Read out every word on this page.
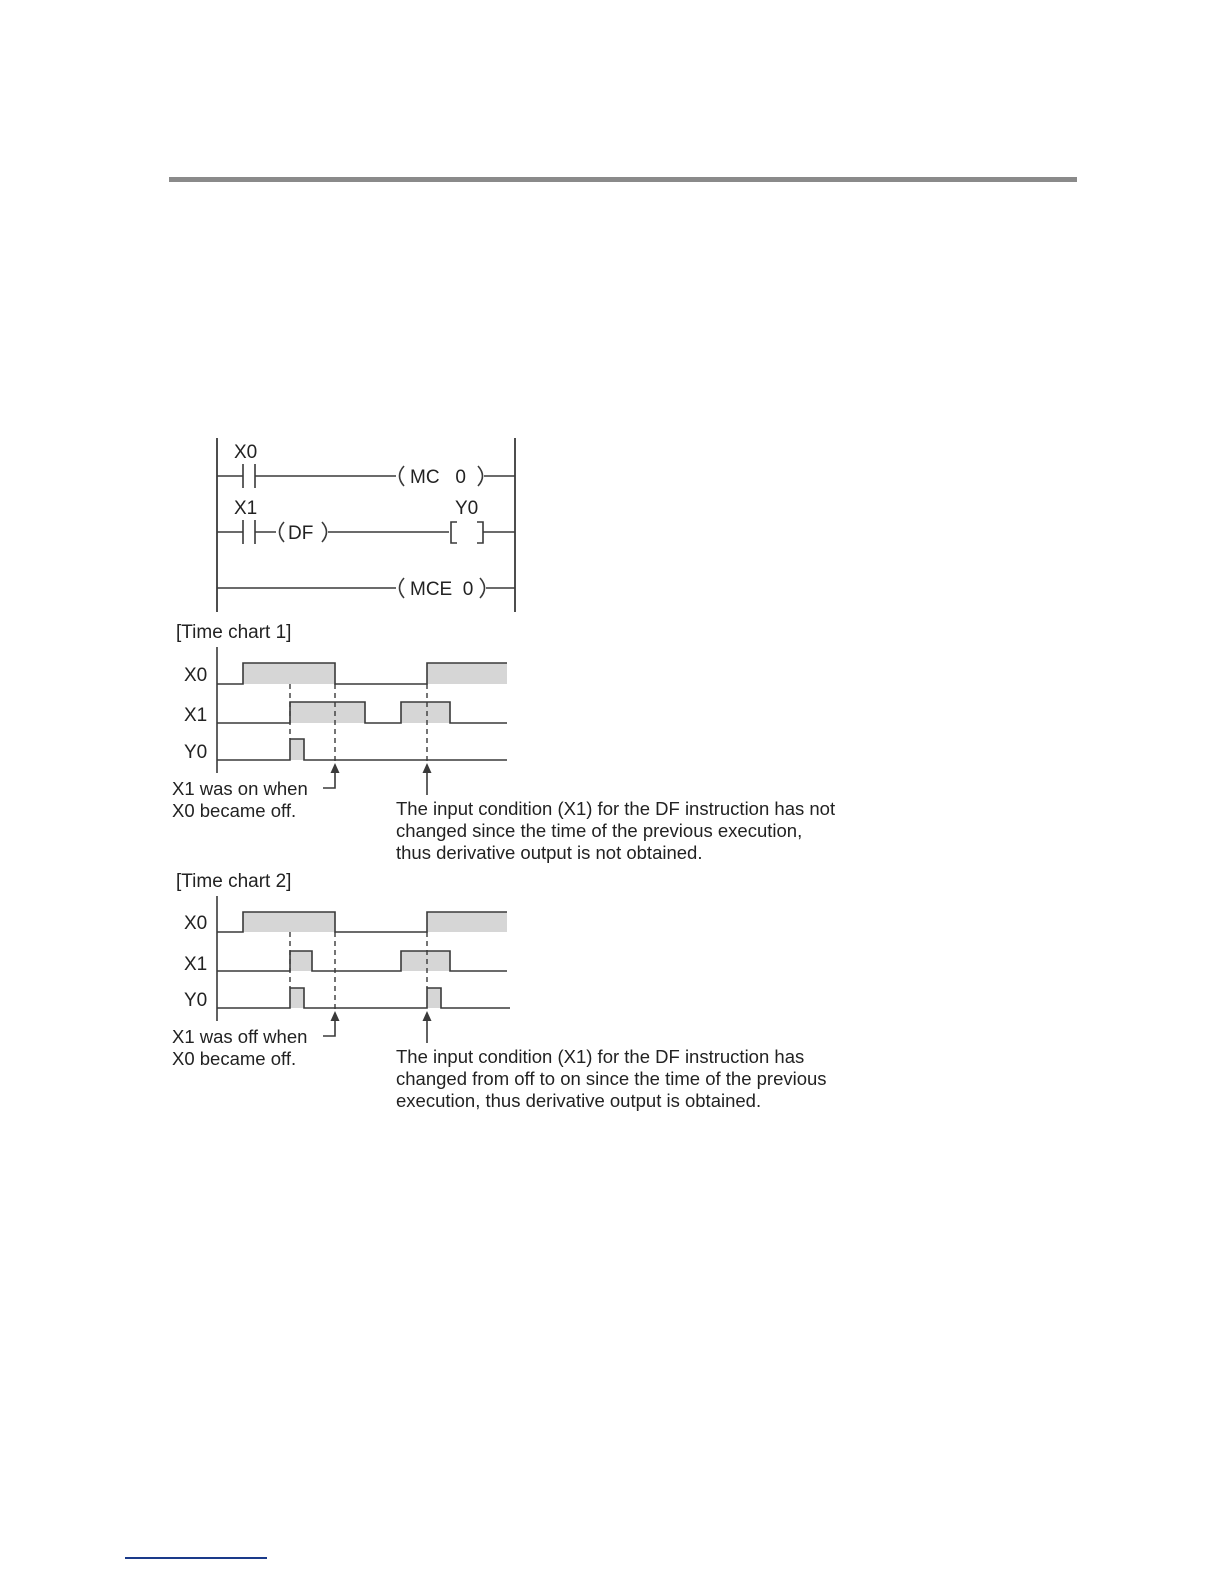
X0
MC   0
X1	Y0
DF
MCE  0
[Time chart 1]
X0
X1
Y0
X1 was on when
X0 became off.	The input condition (X1) for the DF instruction has not
changed since the time of the previous execution,
thus derivative output is not obtained.
[Time chart 2]
X0
X1
Y0
X1 was off when
X0 became off.	The input condition (X1) for the DF instruction has
changed from off to on since the time of the previous
execution, thus derivative output is obtained.
